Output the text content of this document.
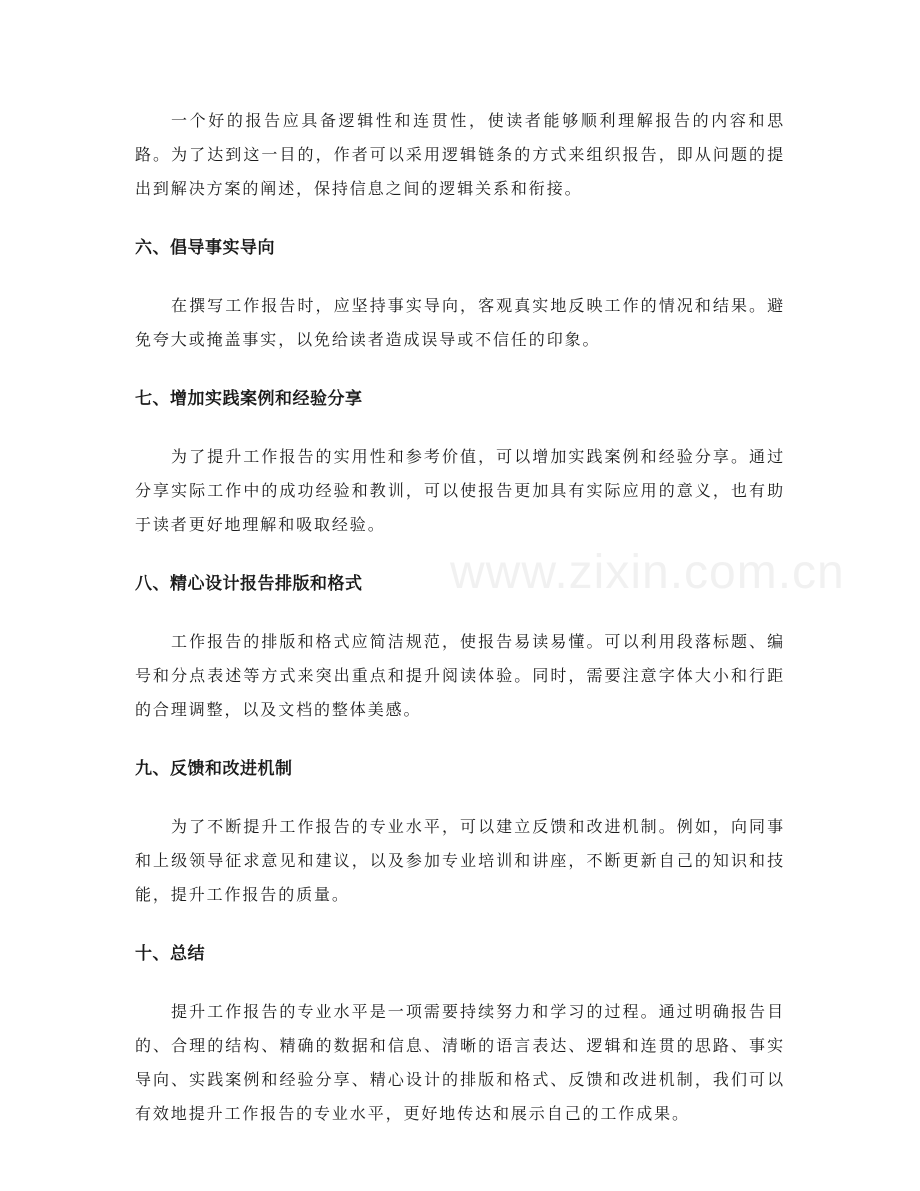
一个好的报告应具备逻辑性和连贯性，使读者能够顺利理解报告的内容和思路。为了达到这一目的，作者可以采用逻辑链条的方式来组织报告，即从问题的提出到解决方案的阐述，保持信息之间的逻辑关系和衔接。

六、倡导事实导向

在撰写工作报告时，应坚持事实导向，客观真实地反映工作的情况和结果。避免夸大或掩盖事实，以免给读者造成误导或不信任的印象。

七、增加实践案例和经验分享

为了提升工作报告的实用性和参考价值，可以增加实践案例和经验分享。通过分享实际工作中的成功经验和教训，可以使报告更加具有实际应用的意义，也有助于读者更好地理解和吸取经验。

八、精心设计报告排版和格式

工作报告的排版和格式应简洁规范，使报告易读易懂。可以利用段落标题、编号和分点表述等方式来突出重点和提升阅读体验。同时，需要注意字体大小和行距的合理调整，以及文档的整体美感。

九、反馈和改进机制

为了不断提升工作报告的专业水平，可以建立反馈和改进机制。例如，向同事和上级领导征求意见和建议，以及参加专业培训和讲座，不断更新自己的知识和技能，提升工作报告的质量。

十、总结

提升工作报告的专业水平是一项需要持续努力和学习的过程。通过明确报告目的、合理的结构、精确的数据和信息、清晰的语言表达、逻辑和连贯的思路、事实导向、实践案例和经验分享、精心设计的排版和格式、反馈和改进机制，我们可以有效地提升工作报告的专业水平，更好地传达和展示自己的工作成果。

www.zixin.com.cn
